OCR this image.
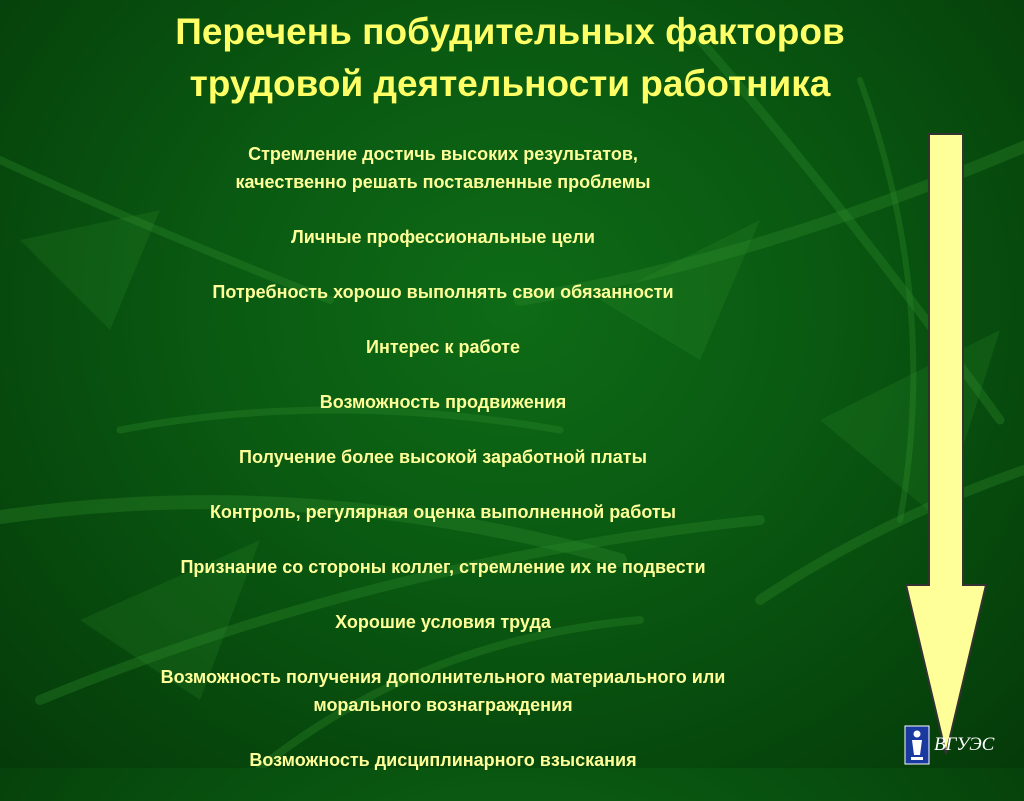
Перечень побудительных факторов
трудовой деятельности работника
Стремление достичь высоких результатов,
качественно решать поставленные проблемы
Личные профессиональные цели
Потребность хорошо выполнять свои обязанности
Интерес к работе
Возможность продвижения
Получение более высокой заработной платы
Контроль, регулярная оценка выполненной работы
Признание со стороны коллег, стремление их не подвести
Хорошие условия труда
Возможность получения дополнительного материального или
морального вознаграждения
Возможность дисциплинарного взыскания
ВГУЭС
